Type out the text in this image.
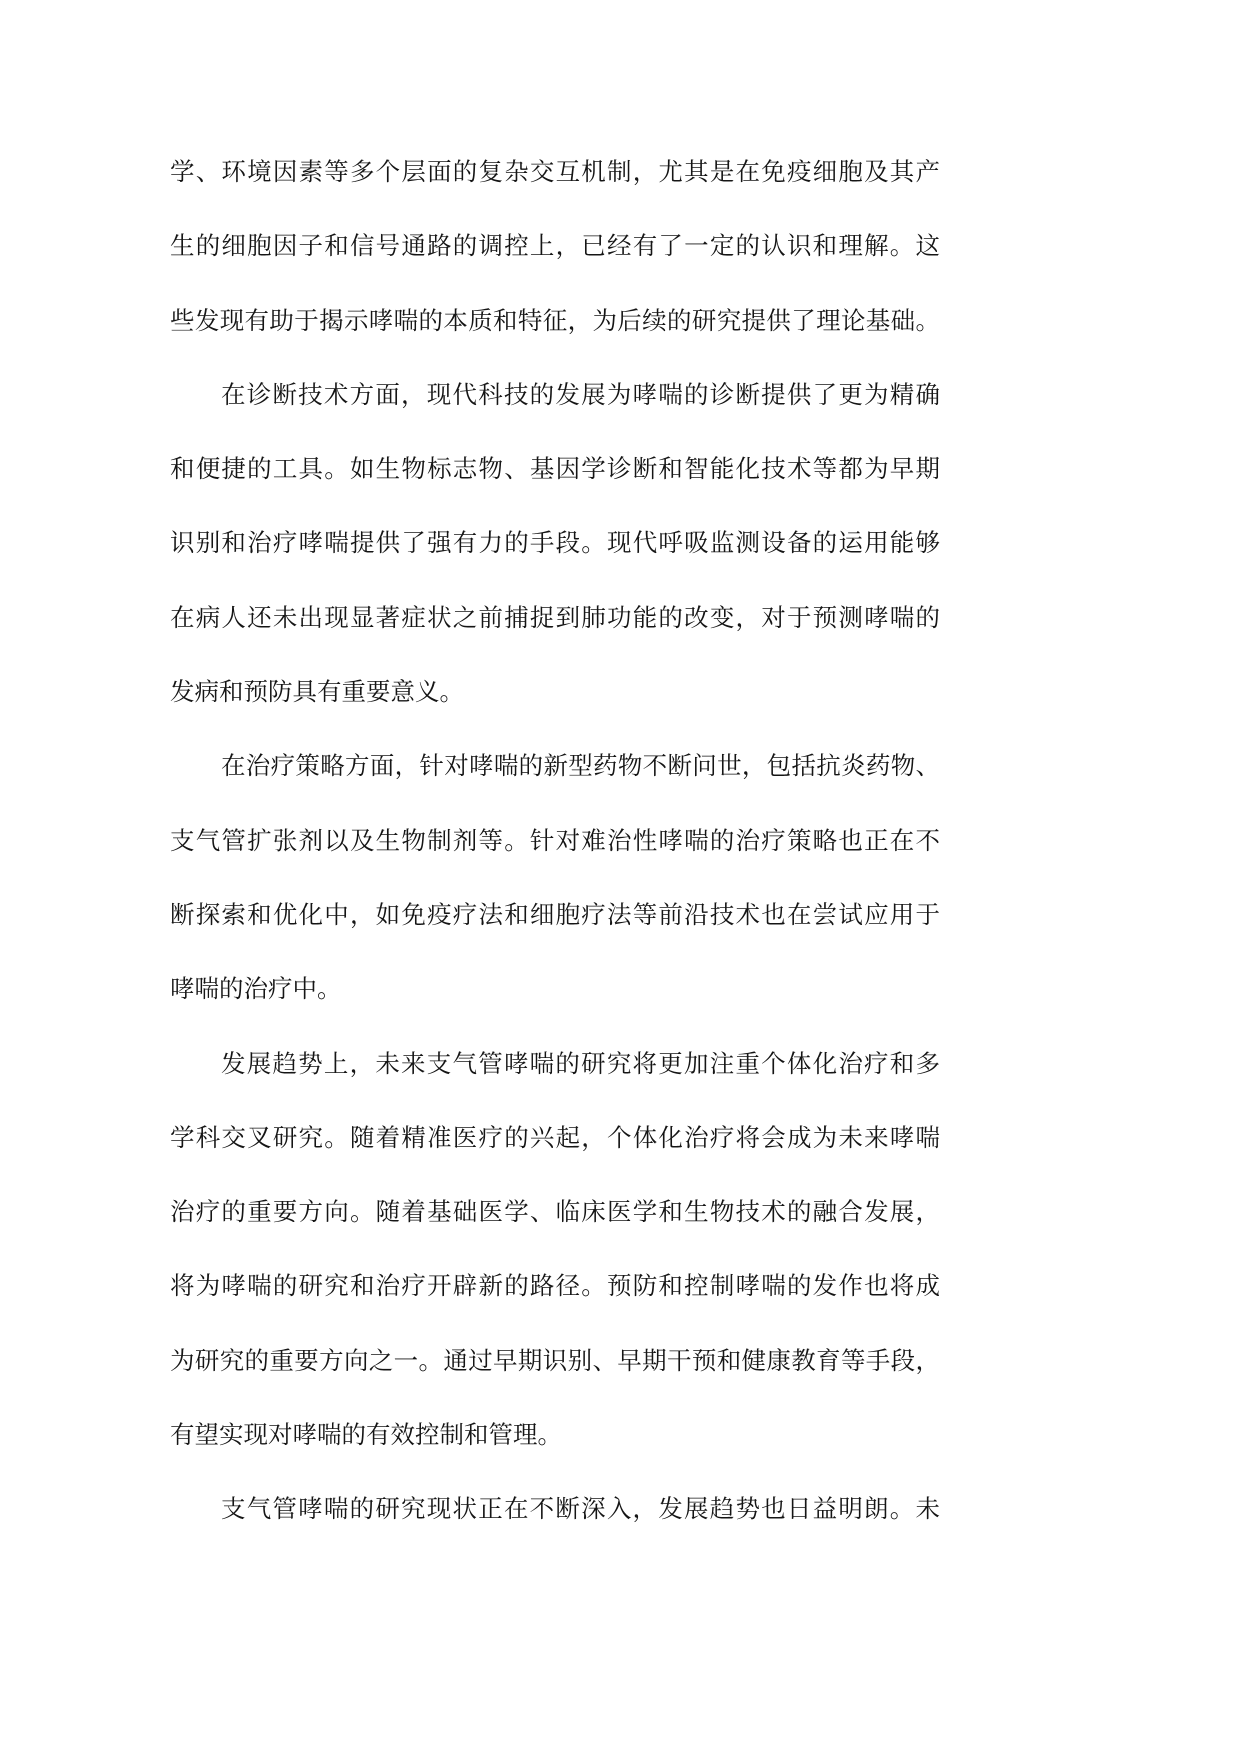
学、环境因素等多个层面的复杂交互机制，尤其是在免疫细胞及其产
生的细胞因子和信号通路的调控上，已经有了一定的认识和理解。这
些发现有助于揭示哮喘的本质和特征，为后续的研究提供了理论基础。
在诊断技术方面，现代科技的发展为哮喘的诊断提供了更为精确
和便捷的工具。如生物标志物、基因学诊断和智能化技术等都为早期
识别和治疗哮喘提供了强有力的手段。现代呼吸监测设备的运用能够
在病人还未出现显著症状之前捕捉到肺功能的改变，对于预测哮喘的
发病和预防具有重要意义。
在治疗策略方面，针对哮喘的新型药物不断问世，包括抗炎药物、
支气管扩张剂以及生物制剂等。针对难治性哮喘的治疗策略也正在不
断探索和优化中，如免疫疗法和细胞疗法等前沿技术也在尝试应用于
哮喘的治疗中。
发展趋势上，未来支气管哮喘的研究将更加注重个体化治疗和多
学科交叉研究。随着精准医疗的兴起，个体化治疗将会成为未来哮喘
治疗的重要方向。随着基础医学、临床医学和生物技术的融合发展，
将为哮喘的研究和治疗开辟新的路径。预防和控制哮喘的发作也将成
为研究的重要方向之一。通过早期识别、早期干预和健康教育等手段，
有望实现对哮喘的有效控制和管理。
支气管哮喘的研究现状正在不断深入，发展趋势也日益明朗。未
